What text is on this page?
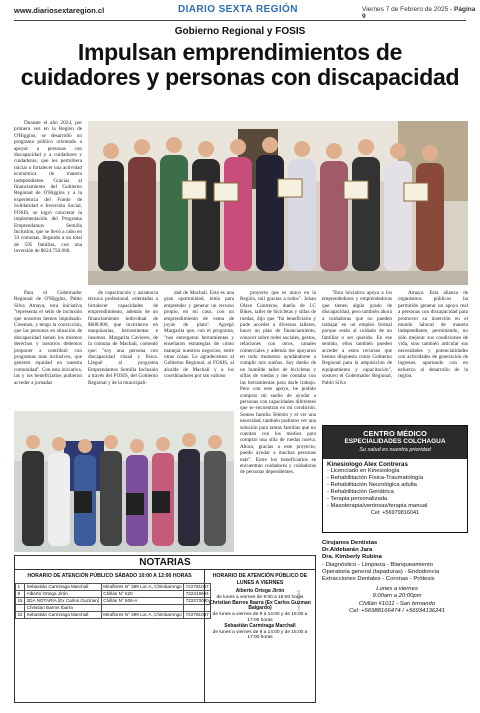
www.diariosextaregion.cl	DIARIO SEXTA REGIÓN	Viernes 7 de Febrero de 2025 - Página 9
Gobierno Regional y FOSIS
Impulsan emprendimientos de
cuidadores y personas con discapacidad

Durante el año 2024, por primera vez en la Región de O'Higgins, se desarrolló un programa público orientado a apoyar a personas con discapacidad y a cuidadores y cuidadoras, que les permitiera iniciar o fortalecer una actividad económica de manera independiente. Gracias al financiamiento del Gobierno Regional de O'Higgins y a la experiencia del Fondo de Solidaridad e Inversión Social, FOSIS, se logró concretar la implementación del Programa Emprendamos Semilla Inclusión, que se llevó a cabo en 33 comunas, llegando a un total de 595 familias, con una inversión de $624.750.000.

Para el Gobernador Regional de O'Higgins, Pablo Silva Amaya, esta iniciativa "representa el sello de inclusión que nosotros hemos impulsado. Creemos, y tengo la convicción, que las personas en situación de discapacidad tienen los mismos derechos y nosotros debemos proponer a contribuir con programas más inclusivos, que generen equidad en nuestra comunidad". Con esta iniciativa, las y los beneficiarios pudieron acceder a jornadas

de capacitación y asistencia técnica profesional, orientadas a fortalecer capacidades de emprendimiento, además de un financiamiento individual de $600.000, que invirtieron en maquinarias, herramientas e insumos. Margarita Cavieres, de la comuna de Machalí, comentó que: "soy una persona con discapacidad visual y física. Llegué al programa Emprendamos Semilla Inclusión a través del FOSIS, del Gobierno Regional y de la municipali-

dad de Machalí. Esta es una gran oportunidad, tenía para emprender y generar un recurso propio, en mi caso, con un emprendimiento de venta de joyas de plata". Agregó Margarita que, con el programa, "nos entregaron herramientas y enseñaron estrategias de cómo manejar nuestros negocios, entre otras cosas. Le agradecemos al Gobierno Regional, al FOSIS, al alcalde de Machalí y a los coordinadores por tan valioso

proyecto que es único en la Región, mil gracias a todos". Johan Olave Contreras, dueño de J.C Bikes, taller de bicicletas y sillas de ruedas, dijo que "fui beneficiario y pude acceder a diversos talleres, hacer un plan de financiamiento, conocer sobre redes sociales, gestos, relaciones con otros, canales comerciales y además me apoyaron en todo momento ayudándome a cumplir mis sueños. Soy dueño de un humilde taller de bicicletas y sillas de ruedas y me contaba con las herramientas para darle trabajo. Pero con este apoyo, he podido comprar mi sueño de ayudar a personas con capacidades diferentes que se encuentran en mi condición. Somos familia Teletón y el ver una necesidad, también pudimos ver una solución para tantas familias que no cuentan con los medios para comprar una silla de ruedas nueva. Ahora, gracias a este proyecto, puedo ayudar a muchas personas más". Entre los beneficiarios se encuentran cuidadores y cuidadoras de personas dependientes.

"Esta iniciativa apoya a los emprendedores y emprendedoras que tienen algún grado de discapacidad, pero también ahora a cuidadoras que no pueden trabajar en un empleo formal porque están al cuidado de un familiar o ser querido. En ese sentido, ellos también pueden acceder a estos recursos que hemos dispuesto como Gobierno Regional para la adquisición de equipamiento y capacitación", sostuvo el Gobernador Regional, Pablo Silva

Amaya. Esta alianza de organismos públicos ha permitido generar un apoyo real a personas con discapacidad para promover su inserción en el mundo laboral de manera independiente, permitiendo, no sólo mejorar sus condiciones de vida, sino también articular sus necesidades y potencialidades con actividades de generación de ingresos, aportando con en esfuerzo al desarrollo de la región.

CENTRO MÉDICO
ESPECIALIDADES COLCHAGUA
Su salud es nuestra prioridad
Kinesiologo Alex Contreras
- Licenciado en Kinesiología
- Rehabilitación Física-Traumatología
- Rehabilitación Neurológica adulta
- Rehabilitación Geriátrica
- Terapia personalizada
- Masoterapia/ventosas/terapia manual
Cel: +56979816041
Cirujanos Dentistas
Dr.Aldebarán Jara
Dra. Kimberly Rubina
- Diagnóstico - Limpieza - Blanqueamiento
Operatoria general (tapaduras) - Endodoncia Extracciones Dentales - Coronas - Prótesis
Lunes a viernes
9:00am a 20:00pm
Chillán #1011 - San fernando
Cel: +56988166474 / +56934136241
NOTARIAS
HORARIO DE ATENCIÓN PÚBLICO SÁBADO 10:00 A 12:00 HORAS
1	Sebastián Carmiraga Marchall	Miraflores N° 399 Loc A, Chimbarongo	722781057
8	Alberto Ortega Jirón	Chillán N° 620	722319604
15	2DA NOTARIA (Ex Carlos Guzman)	Chillán N° 506-A	722373080
	Christian Barros Ibarra		
22	Sebastián Carmiraga Marchall	Miraflores N° 399 Loc A, Chimbarongo	722781057
HORARIO DE ATENCIÓN PÚBLICO DE LUNES A VIERNES
Alberto Ortega Jirón
de lunes a viernes de 9:00 a 16:00 horas
Christian Barros Ibarra (Ex Carlos Guzman Balgardo)
de lunes a viernes de 9 a 14:00 y de 15:00 a 17:00 horas
Sebastián Carmiraga Marchall
de lunes a viernes de 9 a 14:00 y de 15:00 a 17:00 horas
NOTARÍAS
